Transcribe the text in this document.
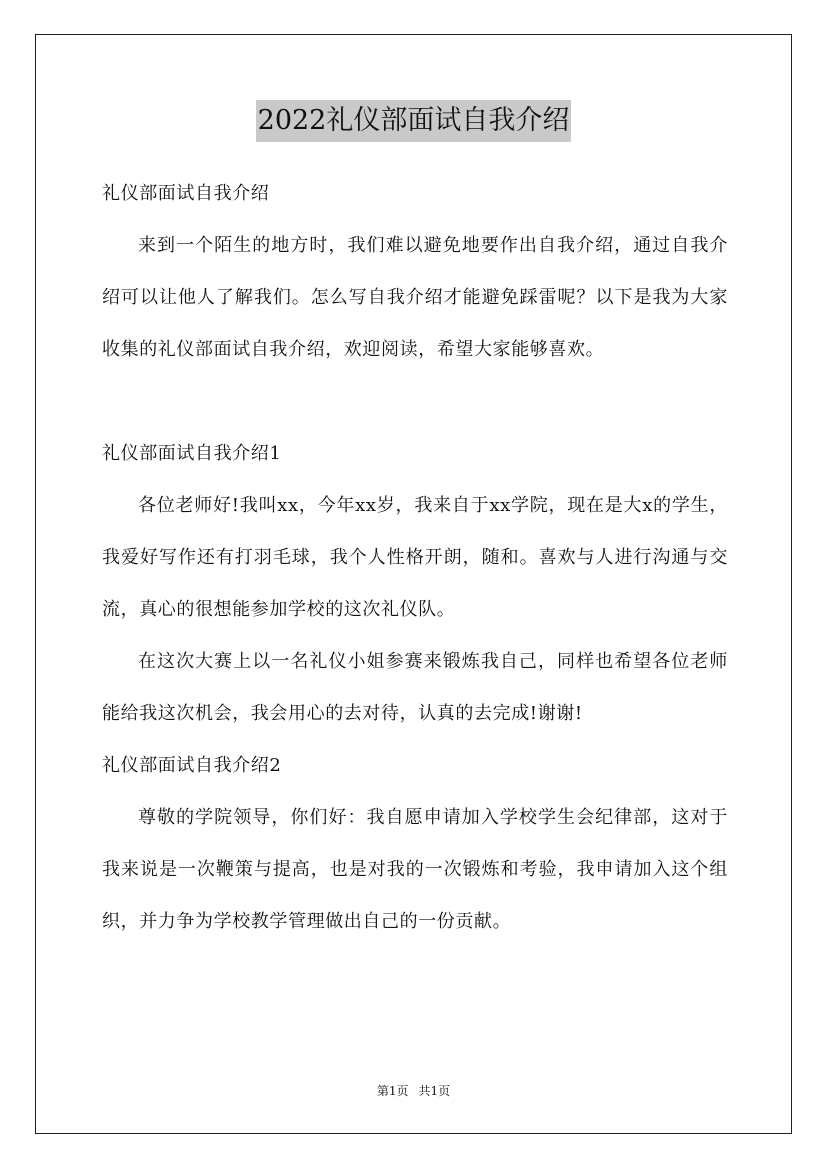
2022礼仪部面试自我介绍

礼仪部面试自我介绍

来到一个陌生的地方时，我们难以避免地要作出自我介绍，通过自我介绍可以让他人了解我们。怎么写自我介绍才能避免踩雷呢？以下是我为大家收集的礼仪部面试自我介绍，欢迎阅读，希望大家能够喜欢。

礼仪部面试自我介绍1

各位老师好!我叫xx，今年xx岁，我来自于xx学院，现在是大x的学生，我爱好写作还有打羽毛球，我个人性格开朗，随和。喜欢与人进行沟通与交流，真心的很想能参加学校的这次礼仪队。

在这次大赛上以一名礼仪小姐参赛来锻炼我自己，同样也希望各位老师能给我这次机会，我会用心的去对待，认真的去完成!谢谢!

礼仪部面试自我介绍2

尊敬的学院领导，你们好：我自愿申请加入学校学生会纪律部，这对于我来说是一次鞭策与提高，也是对我的一次锻炼和考验，我申请加入这个组织，并力争为学校教学管理做出自己的一份贡献。

第1页 共1页
